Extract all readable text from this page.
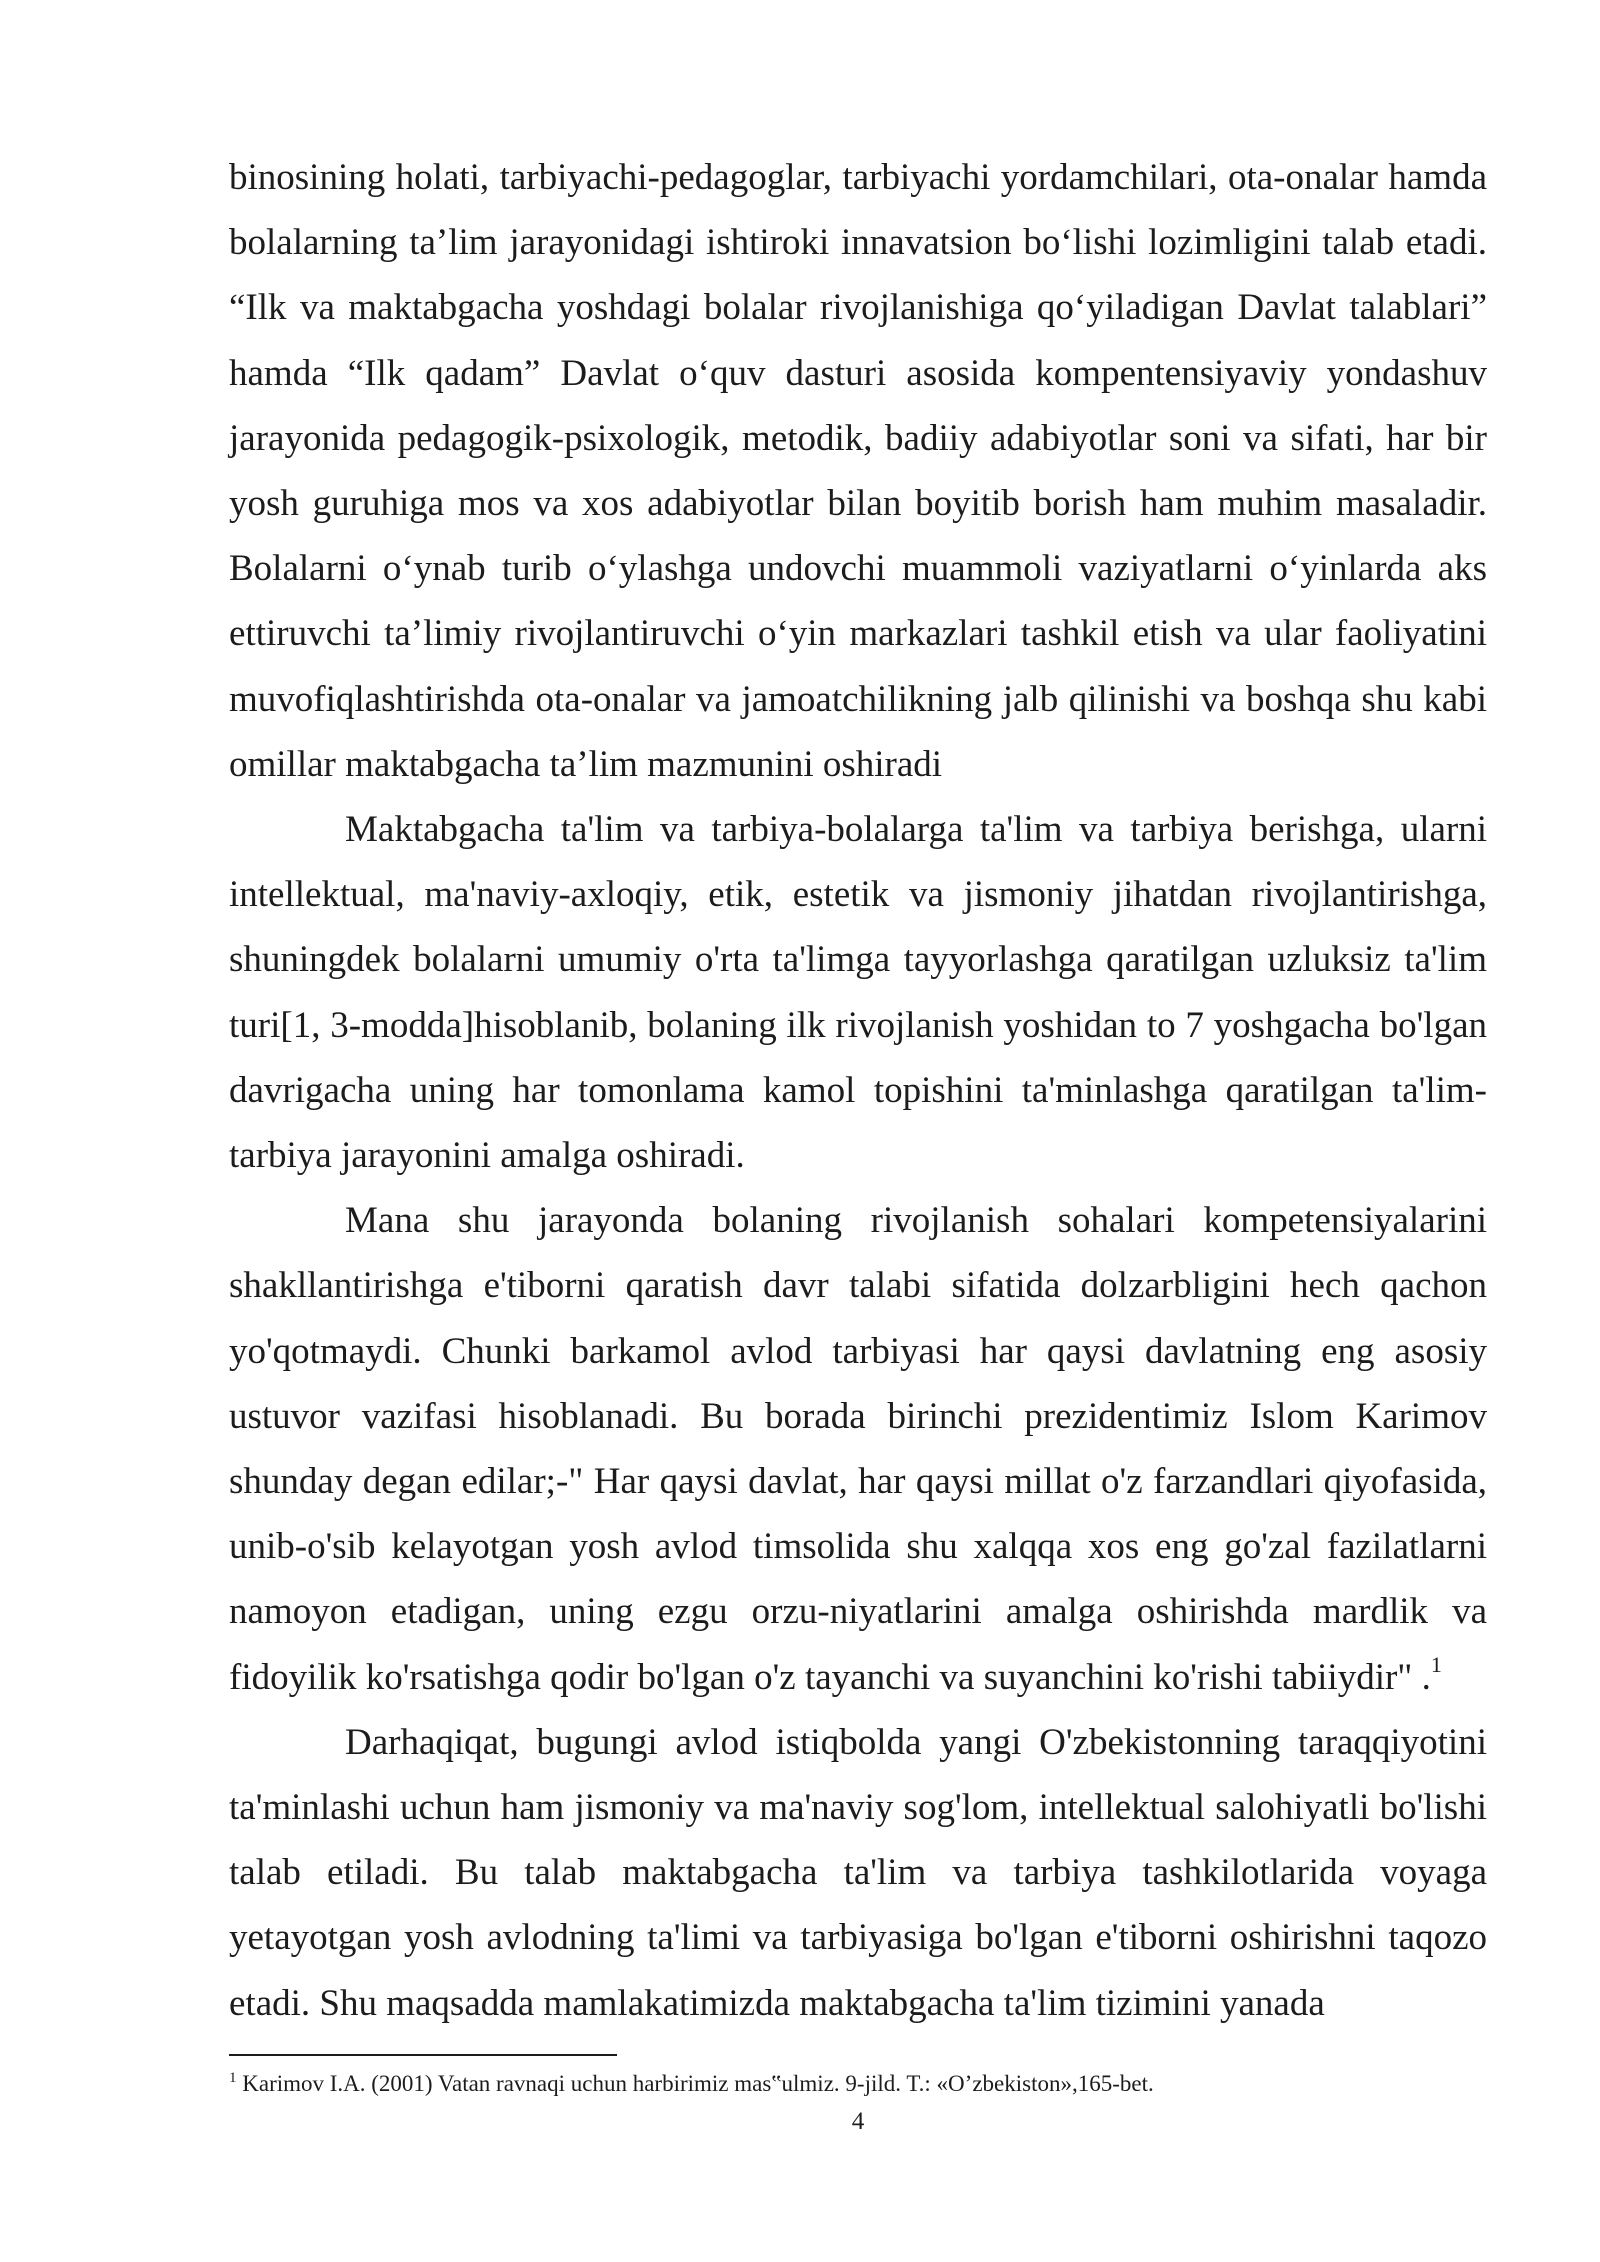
binosining holati, tarbiyachi-pedagoglar, tarbiyachi yordamchilari, ota-onalar hamda bolalarning ta’lim jarayonidagi ishtiroki innavatsion bo‘lishi lozimligini talab etadi. “Ilk va maktabgacha yoshdagi bolalar rivojlanishiga qo‘yiladigan Davlat talablari” hamda “Ilk qadam” Davlat o‘quv dasturi asosida kompentensiyaviy yondashuv jarayonida pedagogik-psixologik, metodik, badiiy adabiyotlar soni va sifati, har bir yosh guruhiga mos va xos adabiyotlar bilan boyitib borish ham muhim masaladir. Bolalarni o‘ynab turib o‘ylashga undovchi muammoli vaziyatlarni o‘yinlarda aks ettiruvchi ta’limiy rivojlantiruvchi o‘yin markazlari tashkil etish va ular faoliyatini muvofiqlashtirishda ota-onalar va jamoatchilikning jalb qilinishi va boshqa shu kabi omillar maktabgacha ta’lim mazmunini oshiradi

Maktabgacha ta'lim va tarbiya-bolalarga ta'lim va tarbiya berishga, ularni intellektual, ma'naviy-axloqiy, etik, estetik va jismoniy jihatdan rivojlantirishga, shuningdek bolalarni umumiy o'rta ta'limga tayyorlashga qaratilgan uzluksiz ta'lim turi[1, 3-modda]hisoblanib, bolaning ilk rivojlanish yoshidan to 7 yoshgacha bo'lgan davrigacha uning har tomonlama kamol topishini ta'minlashga qaratilgan ta'lim-tarbiya jarayonini amalga oshiradi.

Mana shu jarayonda bolaning rivojlanish sohalari kompetensiyalarini shakllantirishga e'tiborni qaratish davr talabi sifatida dolzarbligini hech qachon yo'qotmaydi. Chunki barkamol avlod tarbiyasi har qaysi davlatning eng asosiy ustuvor vazifasi hisoblanadi. Bu borada birinchi prezidentimiz Islom Karimov shunday degan edilar;-" Har qaysi davlat, har qaysi millat o'z farzandlari qiyofasida, unib-o'sib kelayotgan yosh avlod timsolida shu xalqqa xos eng go'zal fazilatlarni namoyon etadigan, uning ezgu orzu-niyatlarini amalga oshirishda mardlik va fidoyilik ko'rsatishga qodir bo'lgan o'z tayanchi va suyanchini ko'rishi tabiiydir" .$^1$

Darhaqiqat, bugungi avlod istiqbolda yangi O'zbekistonning taraqqiyotini ta'minlashi uchun ham jismoniy va ma'naviy sog'lom, intellektual salohiyatli bo'lishi talab etiladi. Bu talab maktabgacha ta'lim va tarbiya tashkilotlarida voyaga yetayotgan yosh avlodning ta'limi va tarbiyasiga bo'lgan e'tiborni oshirishni taqozo etadi. Shu maqsadda mamlakatimizda maktabgacha ta'lim tizimini yanada

$^1$ Karimov I.A. (2001) Vatan ravnaqi uchun harbirimiz mas‟ulmiz. 9-jild. T.: «O’zbekiston»,165-bet.
4
